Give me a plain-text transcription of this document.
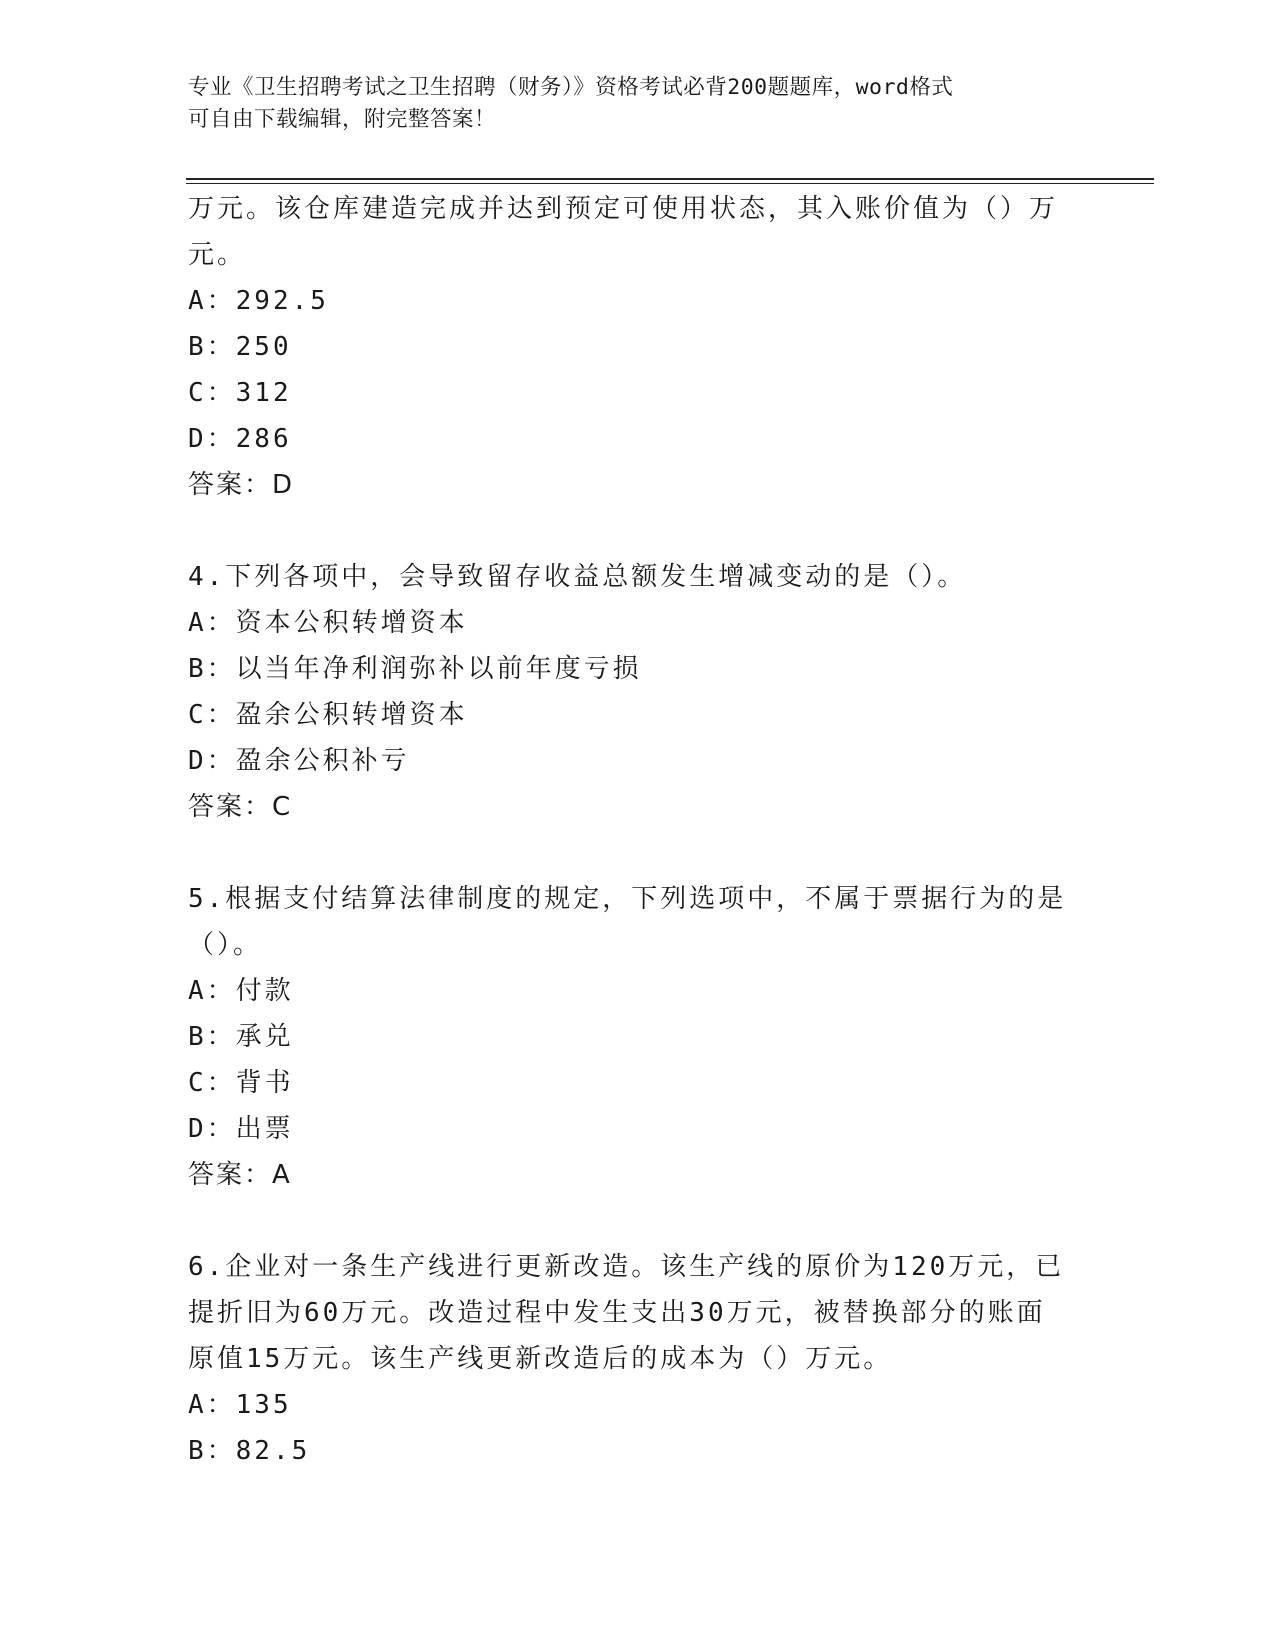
专业《卫生招聘考试之卫生招聘（财务）》资格考试必背200题题库，word格式
可自由下载编辑，附完整答案！
万元。该仓库建造完成并达到预定可使用状态，其入账价值为（）万
元。
A：292.5
B：250
C：312
D：286
答案：D
4.下列各项中，会导致留存收益总额发生增减变动的是（）。
A：资本公积转增资本
B：以当年净利润弥补以前年度亏损
C：盈余公积转增资本
D：盈余公积补亏
答案：C
5.根据支付结算法律制度的规定，下列选项中，不属于票据行为的是
（）。
A：付款
B：承兑
C：背书
D：出票
答案：A
6.企业对一条生产线进行更新改造。该生产线的原价为120万元，已
提折旧为60万元。改造过程中发生支出30万元，被替换部分的账面
原值15万元。该生产线更新改造后的成本为（）万元。
A：135
B：82.5
